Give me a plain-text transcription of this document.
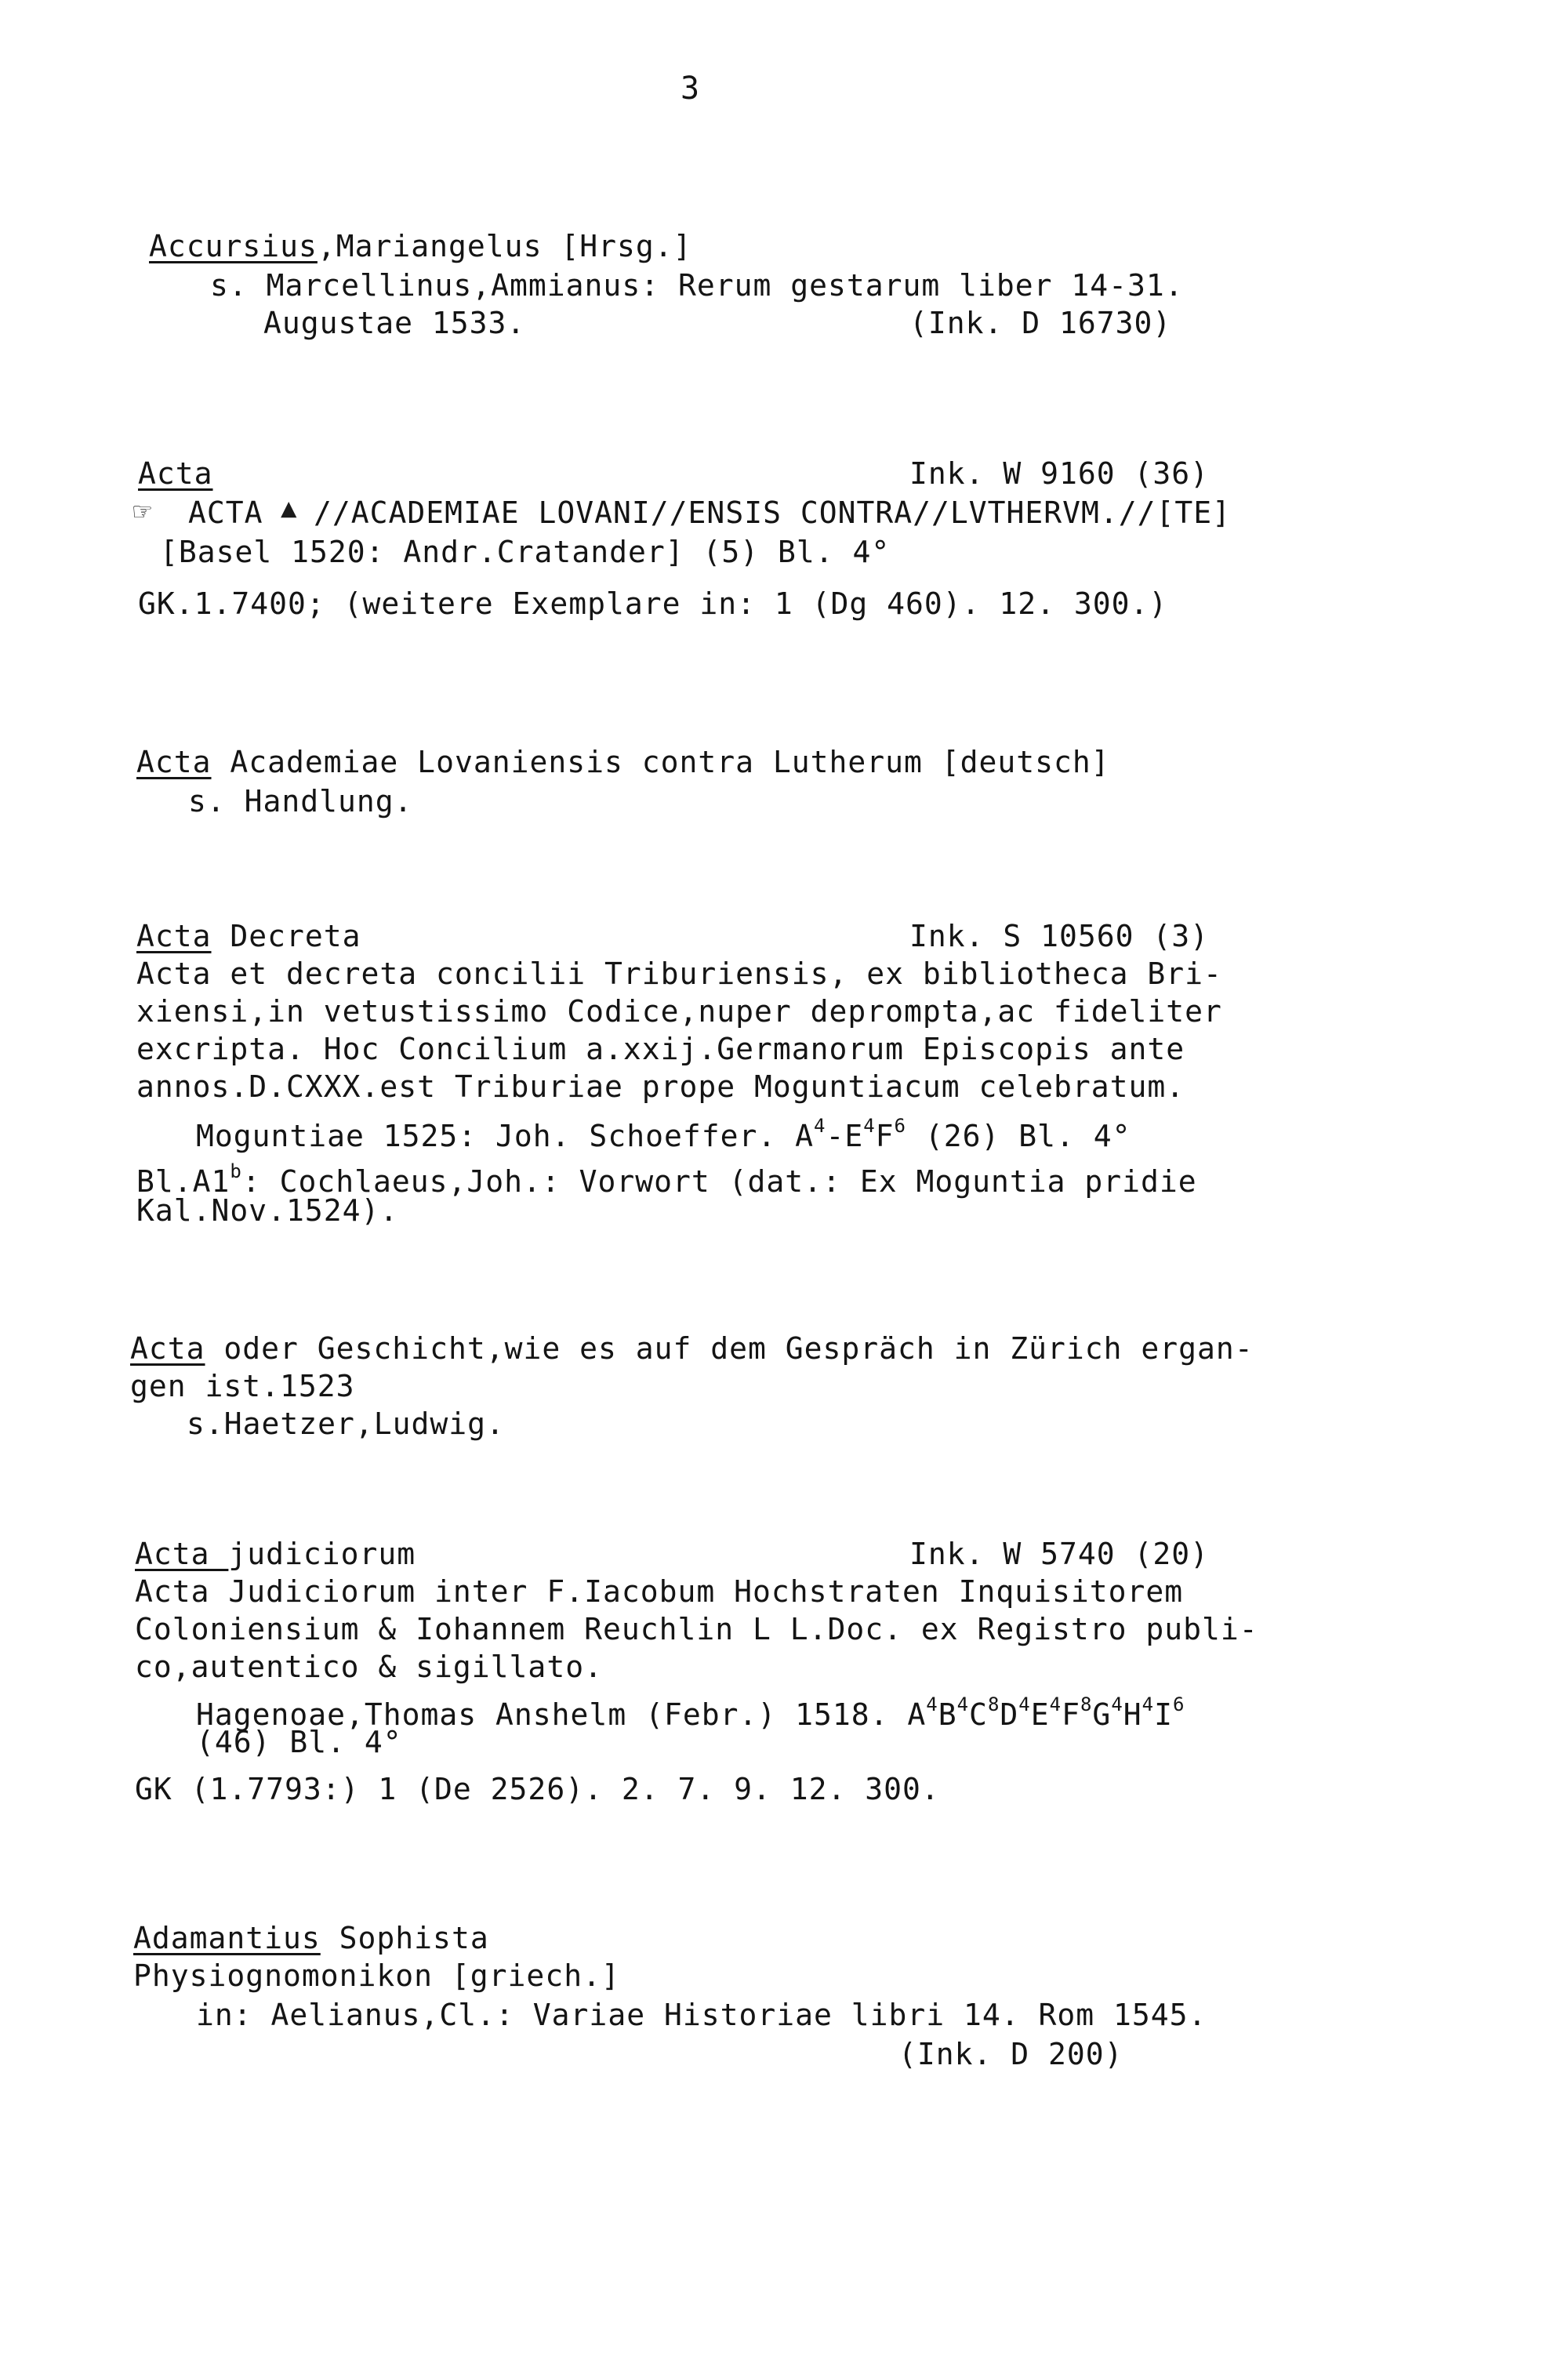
3
Accursius,Mariangelus [Hrsg.]
s. Marcellinus,Ammianus: Rerum gestarum liber 14-31.
Augustae 1533.	(Ink. D 16730)
Acta	Ink. W 9160 (36)
☞ ACTA ▲ //ACADEMIAE LOVANI//ENSIS CONTRA//LVTHERVM.//[TE]
[Basel 1520: Andr.Cratander] (5) Bl. 4°
GK.1.7400; (weitere Exemplare in: 1 (Dg 460). 12. 300.)
Acta Academiae Lovaniensis contra Lutherum [deutsch]
s. Handlung.
Acta Decreta	Ink. S 10560 (3)
Acta et decreta concilii Triburiensis, ex bibliotheca Bri-
xiensi,in vetustissimo Codice,nuper deprompta,ac fideliter
excripta. Hoc Concilium a.xxij.Germanorum Episcopis ante
annos.D.CXXX.est Triburiae prope Moguntiacum celebratum.
Moguntiae 1525: Joh. Schoeffer. $A^4-E^4F^6$ (26) Bl. 4°
Bl.A1$^b$: Cochlaeus,Joh.: Vorwort (dat.: Ex Moguntia pridie
Kal.Nov.1524).
Acta oder Geschicht,wie es auf dem Gespräch in Zürich ergan-
gen ist.1523
s.Haetzer,Ludwig.
Acta judiciorum	Ink. W 5740 (20)
Acta Judiciorum inter F.Iacobum Hochstraten Inquisitorem
Coloniensium & Iohannem Reuchlin L L.Doc. ex Registro publi-
co,autentico & sigillato.
Hagenoae,Thomas Anshelm (Febr.) 1518. $A^4B^4C^8D^4E^4F^8G^4H^4I^6$
(46) Bl. 4°
GK (1.7793:) 1 (De 2526). 2. 7. 9. 12. 300.
Adamantius Sophista
Physiognomonikon [griech.]
in: Aelianus,Cl.: Variae Historiae libri 14. Rom 1545.
(Ink. D 200)
